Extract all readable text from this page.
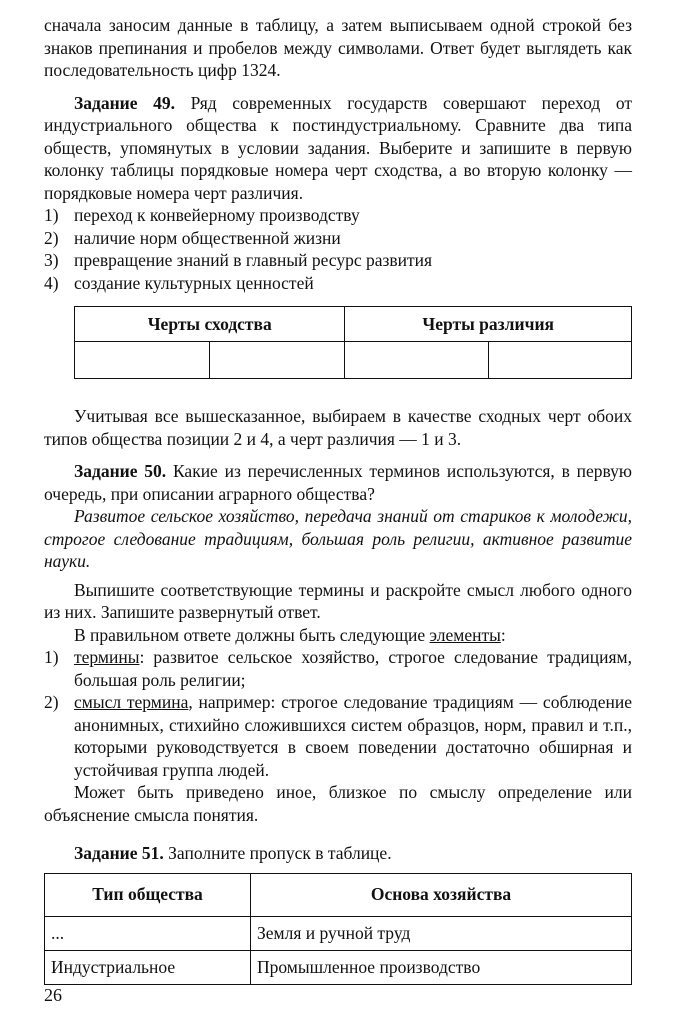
сначала заносим данные в таблицу, а затем выписываем одной строкой без знаков препинания и пробелов между символами. Ответ будет выглядеть как последовательность цифр 1324.

Задание 49. Ряд современных государств совершают переход от индустриального общества к постиндустриальному. Сравните два типа обществ, упомянутых в условии задания. Выберите и запишите в первую колонку таблицы порядковые номера черт сходства, а во вторую колонку — порядковые номера черт различия.

1) переход к конвейерному производству
2) наличие норм общественной жизни
3) превращение знаний в главный ресурс развития
4) создание культурных ценностей
Черты сходства		Черты различия	

Учитывая все вышесказанное, выбираем в качестве сходных черт обоих типов общества позиции 2 и 4, а черт различия — 1 и 3.

Задание 50. Какие из перечисленных терминов используются, в первую очередь, при описании аграрного общества?

Развитое сельское хозяйство, передача знаний от стариков к молодежи, строгое следование традициям, большая роль религии, активное развитие науки.

Выпишите соответствующие термины и раскройте смысл любого одного из них. Запишите развернутый ответ.

В правильном ответе должны быть следующие элементы:

1) термины: развитое сельское хозяйство, строгое следование традициям, большая роль религии;
2) смысл термина, например: строгое следование традициям — соблюдение анонимных, стихийно сложившихся систем образцов, норм, правил и т.п., которыми руководствуется в своем поведении достаточно обширная и устойчивая группа людей.

Может быть приведено иное, близкое по смыслу определение или объяснение смысла понятия.

Задание 51. Заполните пропуск в таблице.

Тип общества	Основа хозяйства
...	Земля и ручной труд
Индустриальное	Промышленное производство
26
